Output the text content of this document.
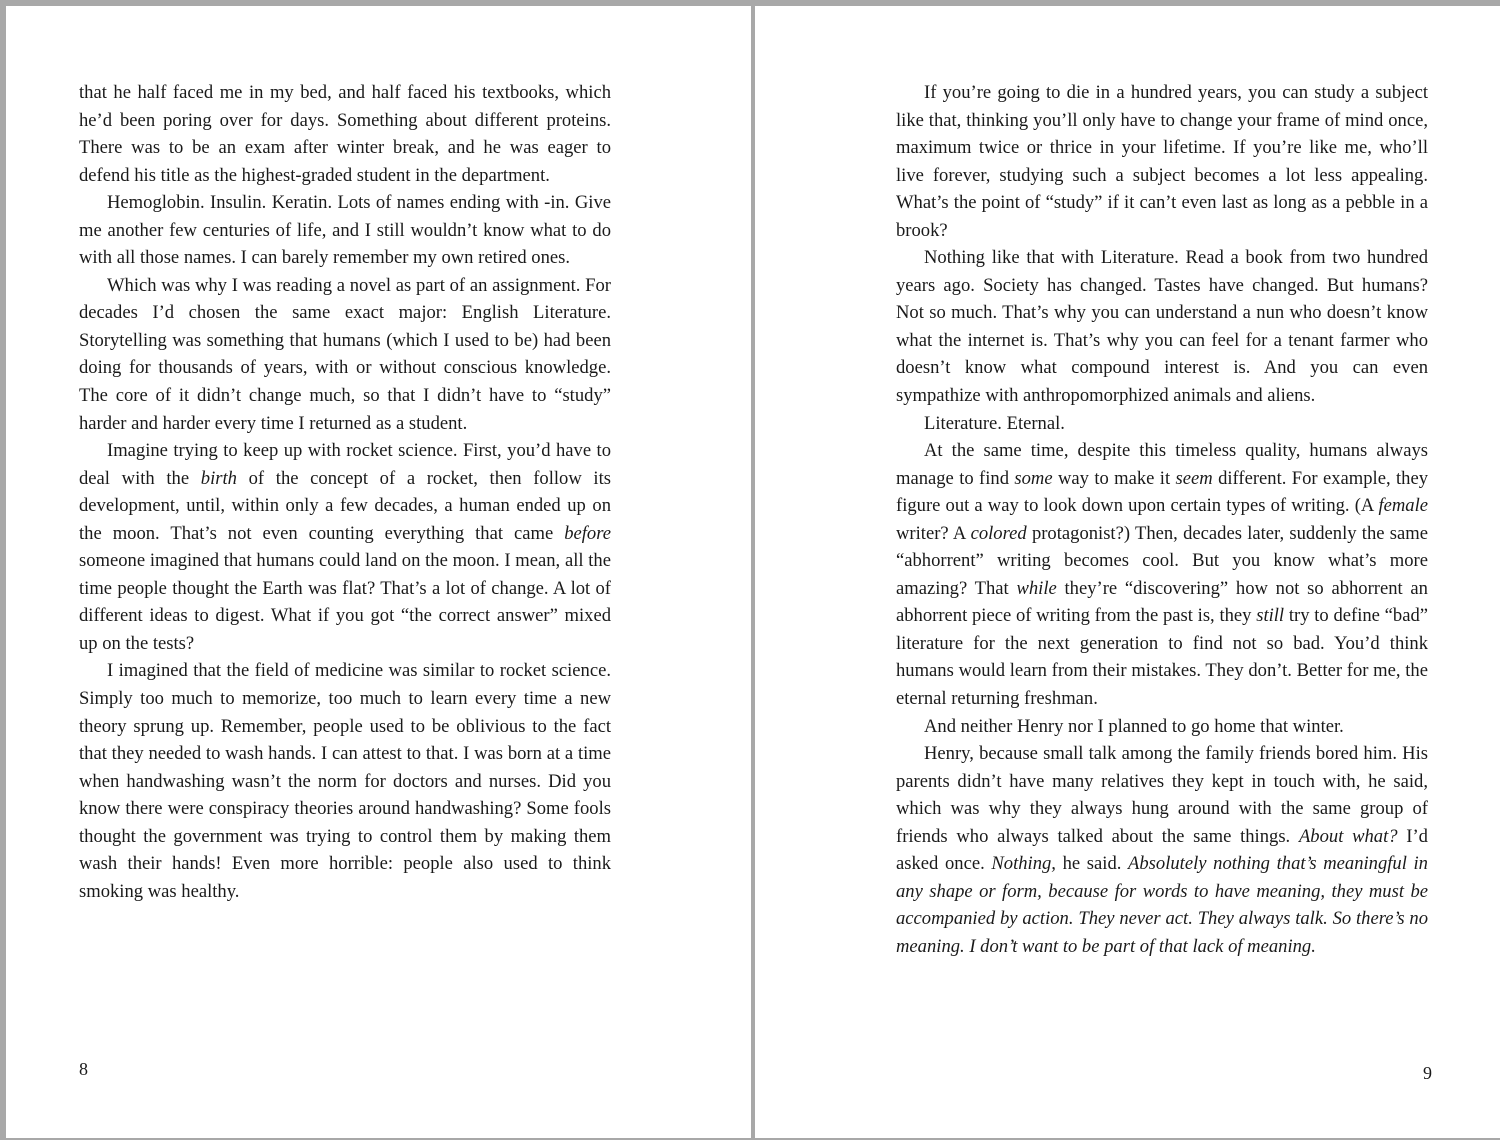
that he half faced me in my bed, and half faced his textbooks, which he’d been poring over for days. Something about different proteins. There was to be an exam after winter break, and he was eager to defend his title as the highest-graded student in the department.

Hemoglobin. Insulin. Keratin. Lots of names ending with -in. Give me another few centuries of life, and I still wouldn’t know what to do with all those names. I can barely remember my own retired ones.

Which was why I was reading a novel as part of an assignment. For decades I’d chosen the same exact major: English Literature. Storytelling was something that humans (which I used to be) had been doing for thousands of years, with or without conscious knowledge. The core of it didn’t change much, so that I didn’t have to “study” harder and harder every time I returned as a student.

Imagine trying to keep up with rocket science. First, you’d have to deal with the birth of the concept of a rocket, then follow its development, until, within only a few decades, a human ended up on the moon. That’s not even counting everything that came before someone imagined that humans could land on the moon. I mean, all the time people thought the Earth was flat? That’s a lot of change. A lot of different ideas to digest. What if you got “the correct answer” mixed up on the tests?

I imagined that the field of medicine was similar to rocket science. Simply too much to memorize, too much to learn every time a new theory sprung up. Remember, people used to be oblivious to the fact that they needed to wash hands. I can attest to that. I was born at a time when handwashing wasn’t the norm for doctors and nurses. Did you know there were conspiracy theories around handwashing? Some fools thought the government was trying to control them by making them wash their hands! Even more horrible: people also used to think smoking was healthy.

8

If you’re going to die in a hundred years, you can study a subject like that, thinking you’ll only have to change your frame of mind once, maximum twice or thrice in your lifetime. If you’re like me, who’ll live forever, studying such a subject becomes a lot less appealing. What’s the point of “study” if it can’t even last as long as a pebble in a brook?

Nothing like that with Literature. Read a book from two hundred years ago. Society has changed. Tastes have changed. But humans? Not so much. That’s why you can understand a nun who doesn’t know what the internet is. That’s why you can feel for a tenant farmer who doesn’t know what compound interest is. And you can even sympathize with anthropomorphized animals and aliens.

Literature. Eternal.

At the same time, despite this timeless quality, humans always manage to find some way to make it seem different. For example, they figure out a way to look down upon certain types of writing. (A female writer? A colored protagonist?) Then, decades later, suddenly the same “abhorrent” writing becomes cool. But you know what’s more amazing? That while they’re “discovering” how not so abhorrent an abhorrent piece of writing from the past is, they still try to define “bad” literature for the next generation to find not so bad. You’d think humans would learn from their mistakes. They don’t. Better for me, the eternal returning freshman.

And neither Henry nor I planned to go home that winter.

Henry, because small talk among the family friends bored him. His parents didn’t have many relatives they kept in touch with, he said, which was why they always hung around with the same group of friends who always talked about the same things. About what? I’d asked once. Nothing, he said. Absolutely nothing that’s meaningful in any shape or form, because for words to have meaning, they must be accompanied by action. They never act. They always talk. So there’s no meaning. I don’t want to be part of that lack of meaning.

9
